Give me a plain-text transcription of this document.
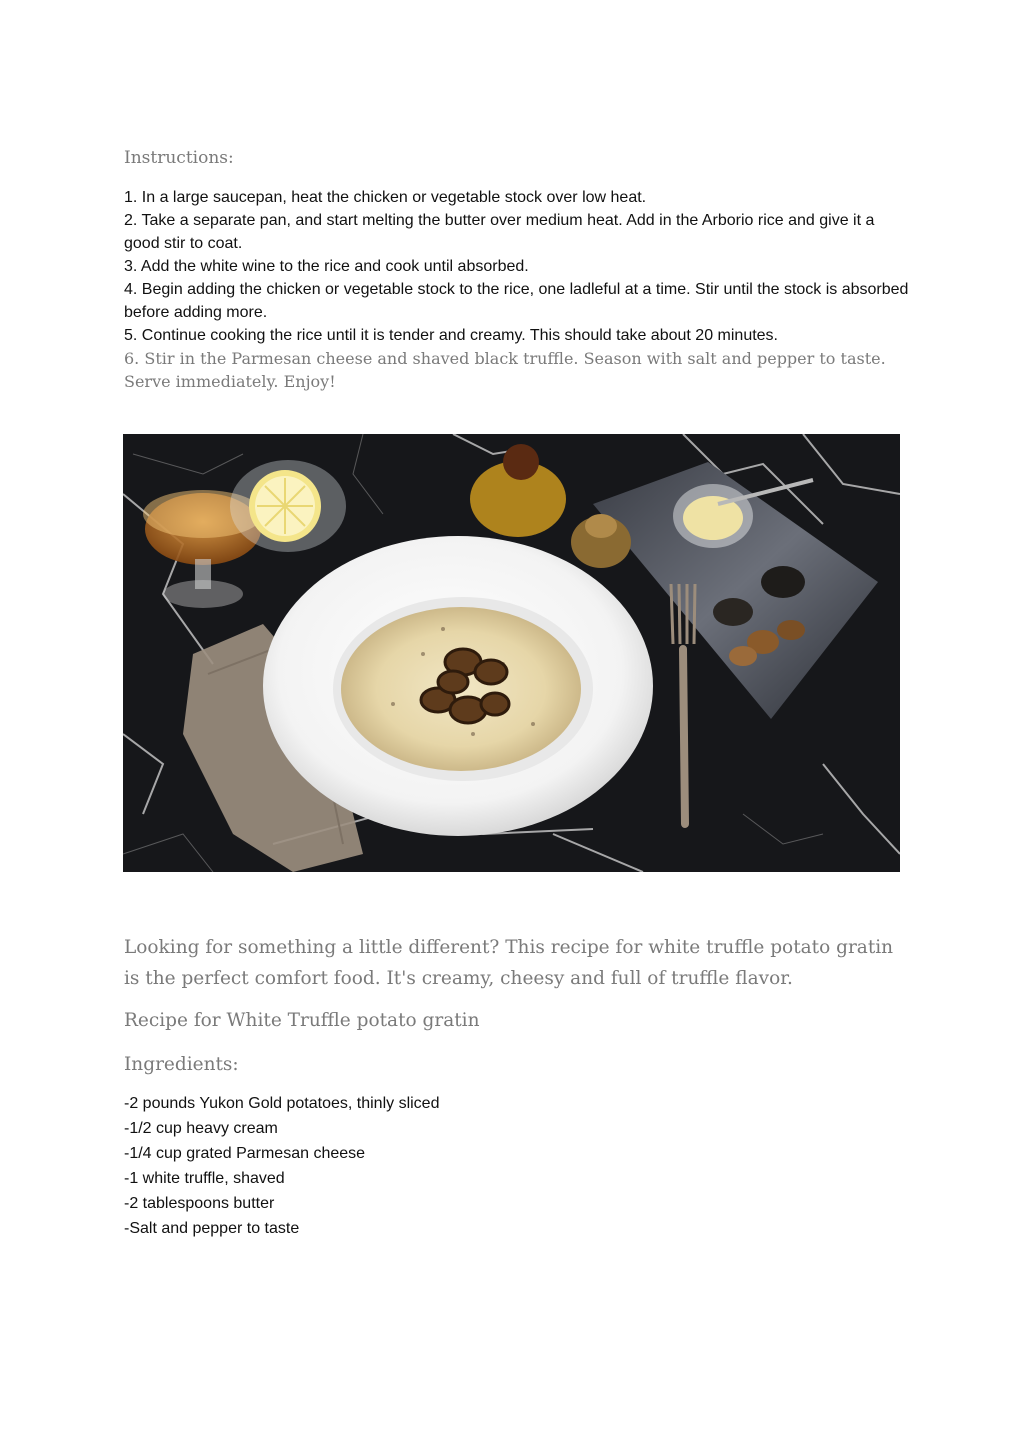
Instructions:
1. In a large saucepan, heat the chicken or vegetable stock over low heat.
2. Take a separate pan, and start melting the butter over medium heat. Add in the Arborio rice and give it a good stir to coat.
3. Add the white wine to the rice and cook until absorbed.
4. Begin adding the chicken or vegetable stock to the rice, one ladleful at a time. Stir until the stock is absorbed before adding more.
5. Continue cooking the rice until it is tender and creamy. This should take about 20 minutes.
6. Stir in the Parmesan cheese and shaved black truffle. Season with salt and pepper to taste. Serve immediately. Enjoy!

Looking for something a little different? This recipe for white truffle potato gratin is the perfect comfort food. It's creamy, cheesy and full of truffle flavor.

Recipe for White Truffle potato gratin
Ingredients:
-2 pounds Yukon Gold potatoes, thinly sliced
-1/2 cup heavy cream
-1/4 cup grated Parmesan cheese
-1 white truffle, shaved
-2 tablespoons butter
-Salt and pepper to taste
